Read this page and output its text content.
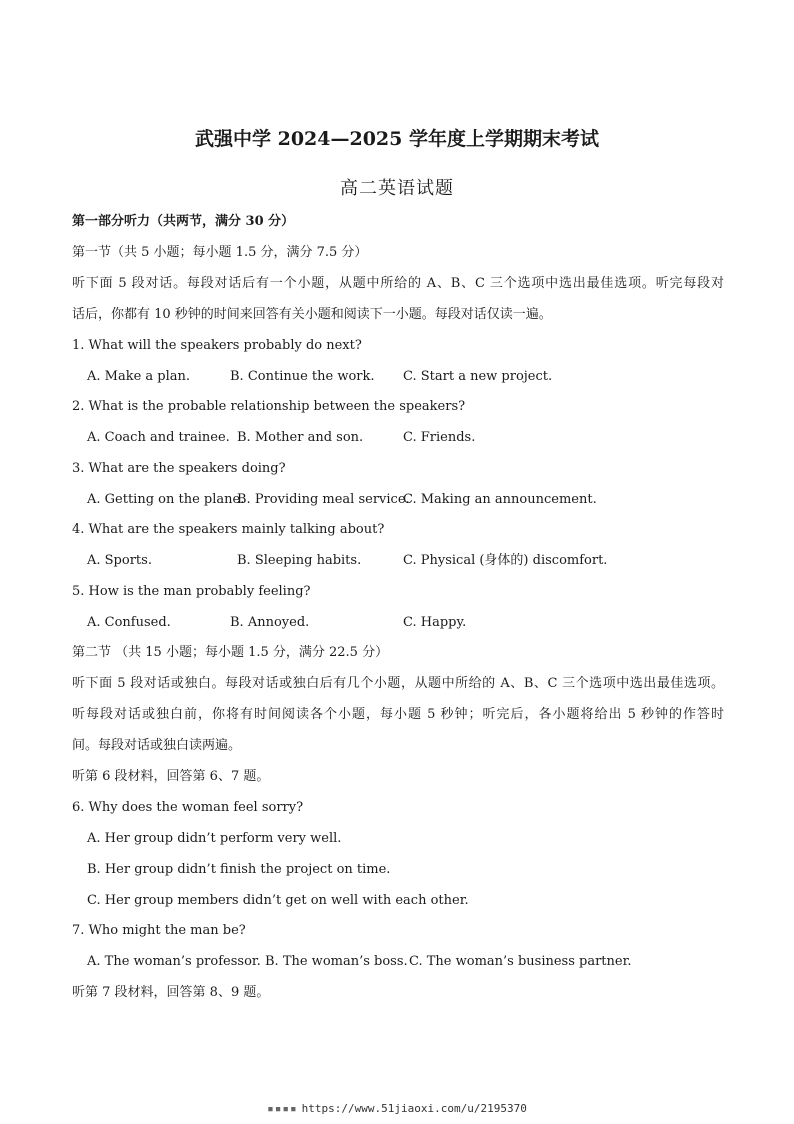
武强中学 2024—2025 学年度上学期期末考试
高二英语试题
第一部分听力（共两节，满分 30 分）
第一节（共 5 小题；每小题 1.5 分，满分 7.5 分）
听下面 5 段对话。每段对话后有一个小题，从题中所给的 A、B、C 三个选项中选出最佳选项。听完每段对
话后，你都有 10 秒钟的时间来回答有关小题和阅读下一小题。每段对话仅读一遍。
1. What will the speakers probably do next?
A. Make a plan.	B. Continue the work. C. Start a new project.
2. What is the probable relationship between the speakers?
A. Coach and trainee. B. Mother and son.	C. Friends.
3. What are the speakers doing?
A. Getting on the plane.
B. Providing meal service.
C. Making an announcement.
4. What are the speakers mainly talking about?
A. Sports.	B. Sleeping habits.	C. Physical (身体的) discomfort.
5. How is the man probably feeling?
A. Confused.	B. Annoyed.	C. Happy.
第二节 （共 15 小题；每小题 1.5 分，满分 22.5 分）
听下面 5 段对话或独白。每段对话或独白后有几个小题，从题中所给的 A、B、C 三个选项中选出最佳选项。
听每段对话或独白前，你将有时间阅读各个小题，每小题 5 秒钟；听完后，各小题将给出 5 秒钟的作答时
间。每段对话或独白读两遍。
听第 6 段材料，回答第 6、7 题。
6. Why does the woman feel sorry?
A. Her group didn’t perform very well.
B. Her group didn’t finish the project on time.
C. Her group members didn’t get on well with each other.
7. Who might the man be?
A. The woman’s professor. B. The woman’s boss. C. The woman’s business partner.
听第 7 段材料，回答第 8、9 题。
▪▪▪▪ https://www.51jiaoxi.com/u/2195370
